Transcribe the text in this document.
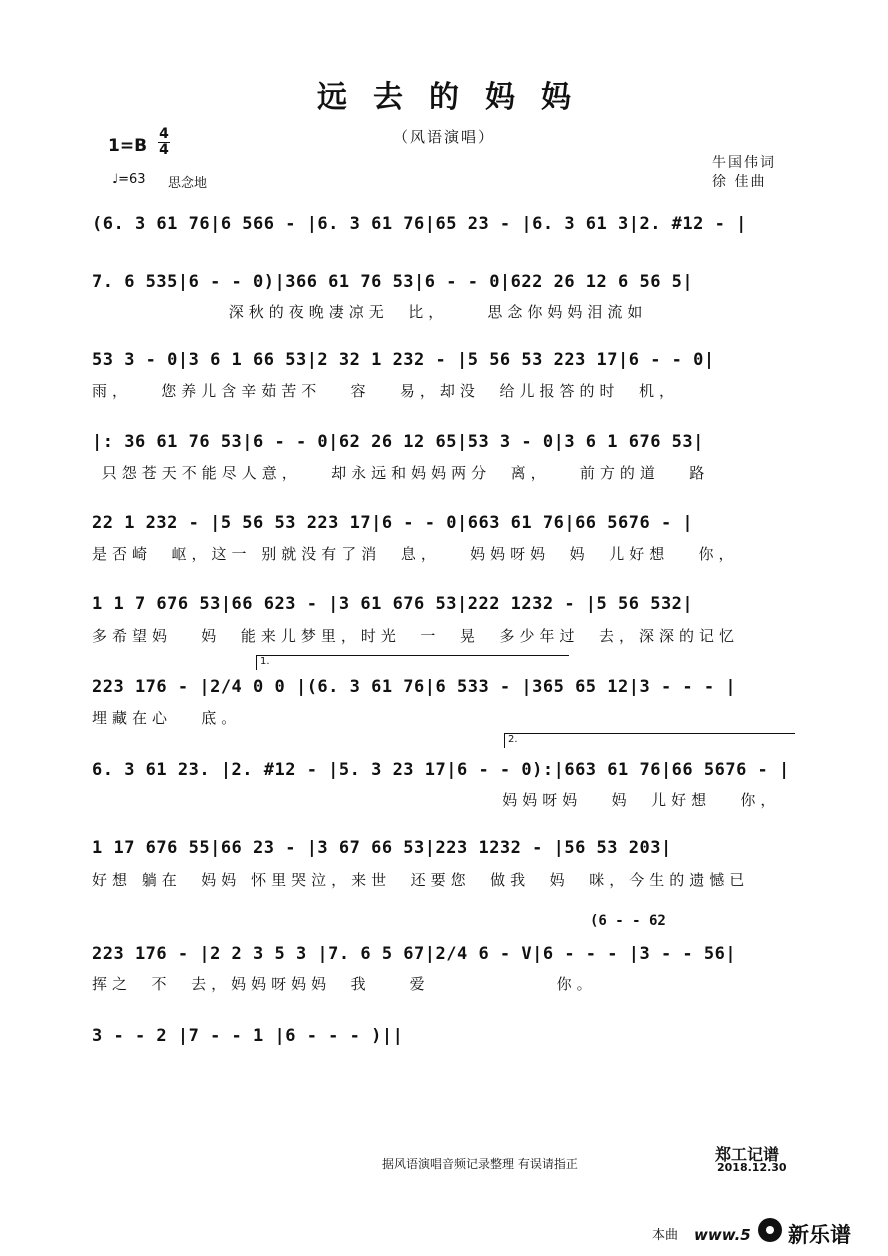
远去的妈妈
（风语演唱）
1=B
4
4
♩=63 思念地
牛国伟词
徐 佳曲
(6. 3 61 76|6 566 - |6. 3 61 76|65 23 - |6. 3 61 3|2. #12 - |
7. 6 535|6 - - 0)|366 61 76 53|6 - - 0|622 26 12 6 56 5|
深秋的夜晚凄凉无  比，    思念你妈妈泪流如
53 3 - 0|3 6 1 66 53|2 32 1 232 - |5 56 53 223 17|6 - - 0|
雨，   您养儿含辛茹苦不   容   易，却没  给儿报答的时  机，
|: 36 61 76 53|6 - - 0|62 26 12 65|53 3 - 0|3 6 1 676 53|
只怨苍天不能尽人意，   却永远和妈妈两分  离，   前方的道   路
22 1 232 - |5 56 53 223 17|6 - - 0|663 61 76|66 5676 - |
是否崎  岖，这一 别就没有了消  息，   妈妈呀妈  妈  儿好想   你，
1 1 7 676 53|66 623 - |3 61 676 53|222 1232 - |5 56 532|
多希望妈   妈  能来儿梦里，时光  一  晃  多少年过  去，深深的记忆
1.
223 176 - |2/4 0 0 |(6. 3 61 76|6 533 - |365 65 12|3 - - - |
埋藏在心   底。
2.
6. 3 61 23. |2. #12 - |5. 3 23 17|6 - - 0):|663 61 76|66 5676 - |
妈妈呀妈   妈  儿好想   你，
1 17 676 55|66 23 - |3 67 66 53|223 1232 - |56 53 203|
好想 躺在  妈妈 怀里哭泣，来世  还要您  做我  妈  咪，今生的遗憾已
(6 - - 62
223 176 - |2 2 3 5 3 |7. 6 5 67|2/4 6 - V|6 - - - |3 - - 56|
挥之  不  去，妈妈呀妈妈  我    爱             你。
3 - - 2 |7 - - 1 |6 - - - )||
据风语演唱音频记录整理 有误请指正	郑工记谱
2018.12.30
本曲 www.5 新乐谱
